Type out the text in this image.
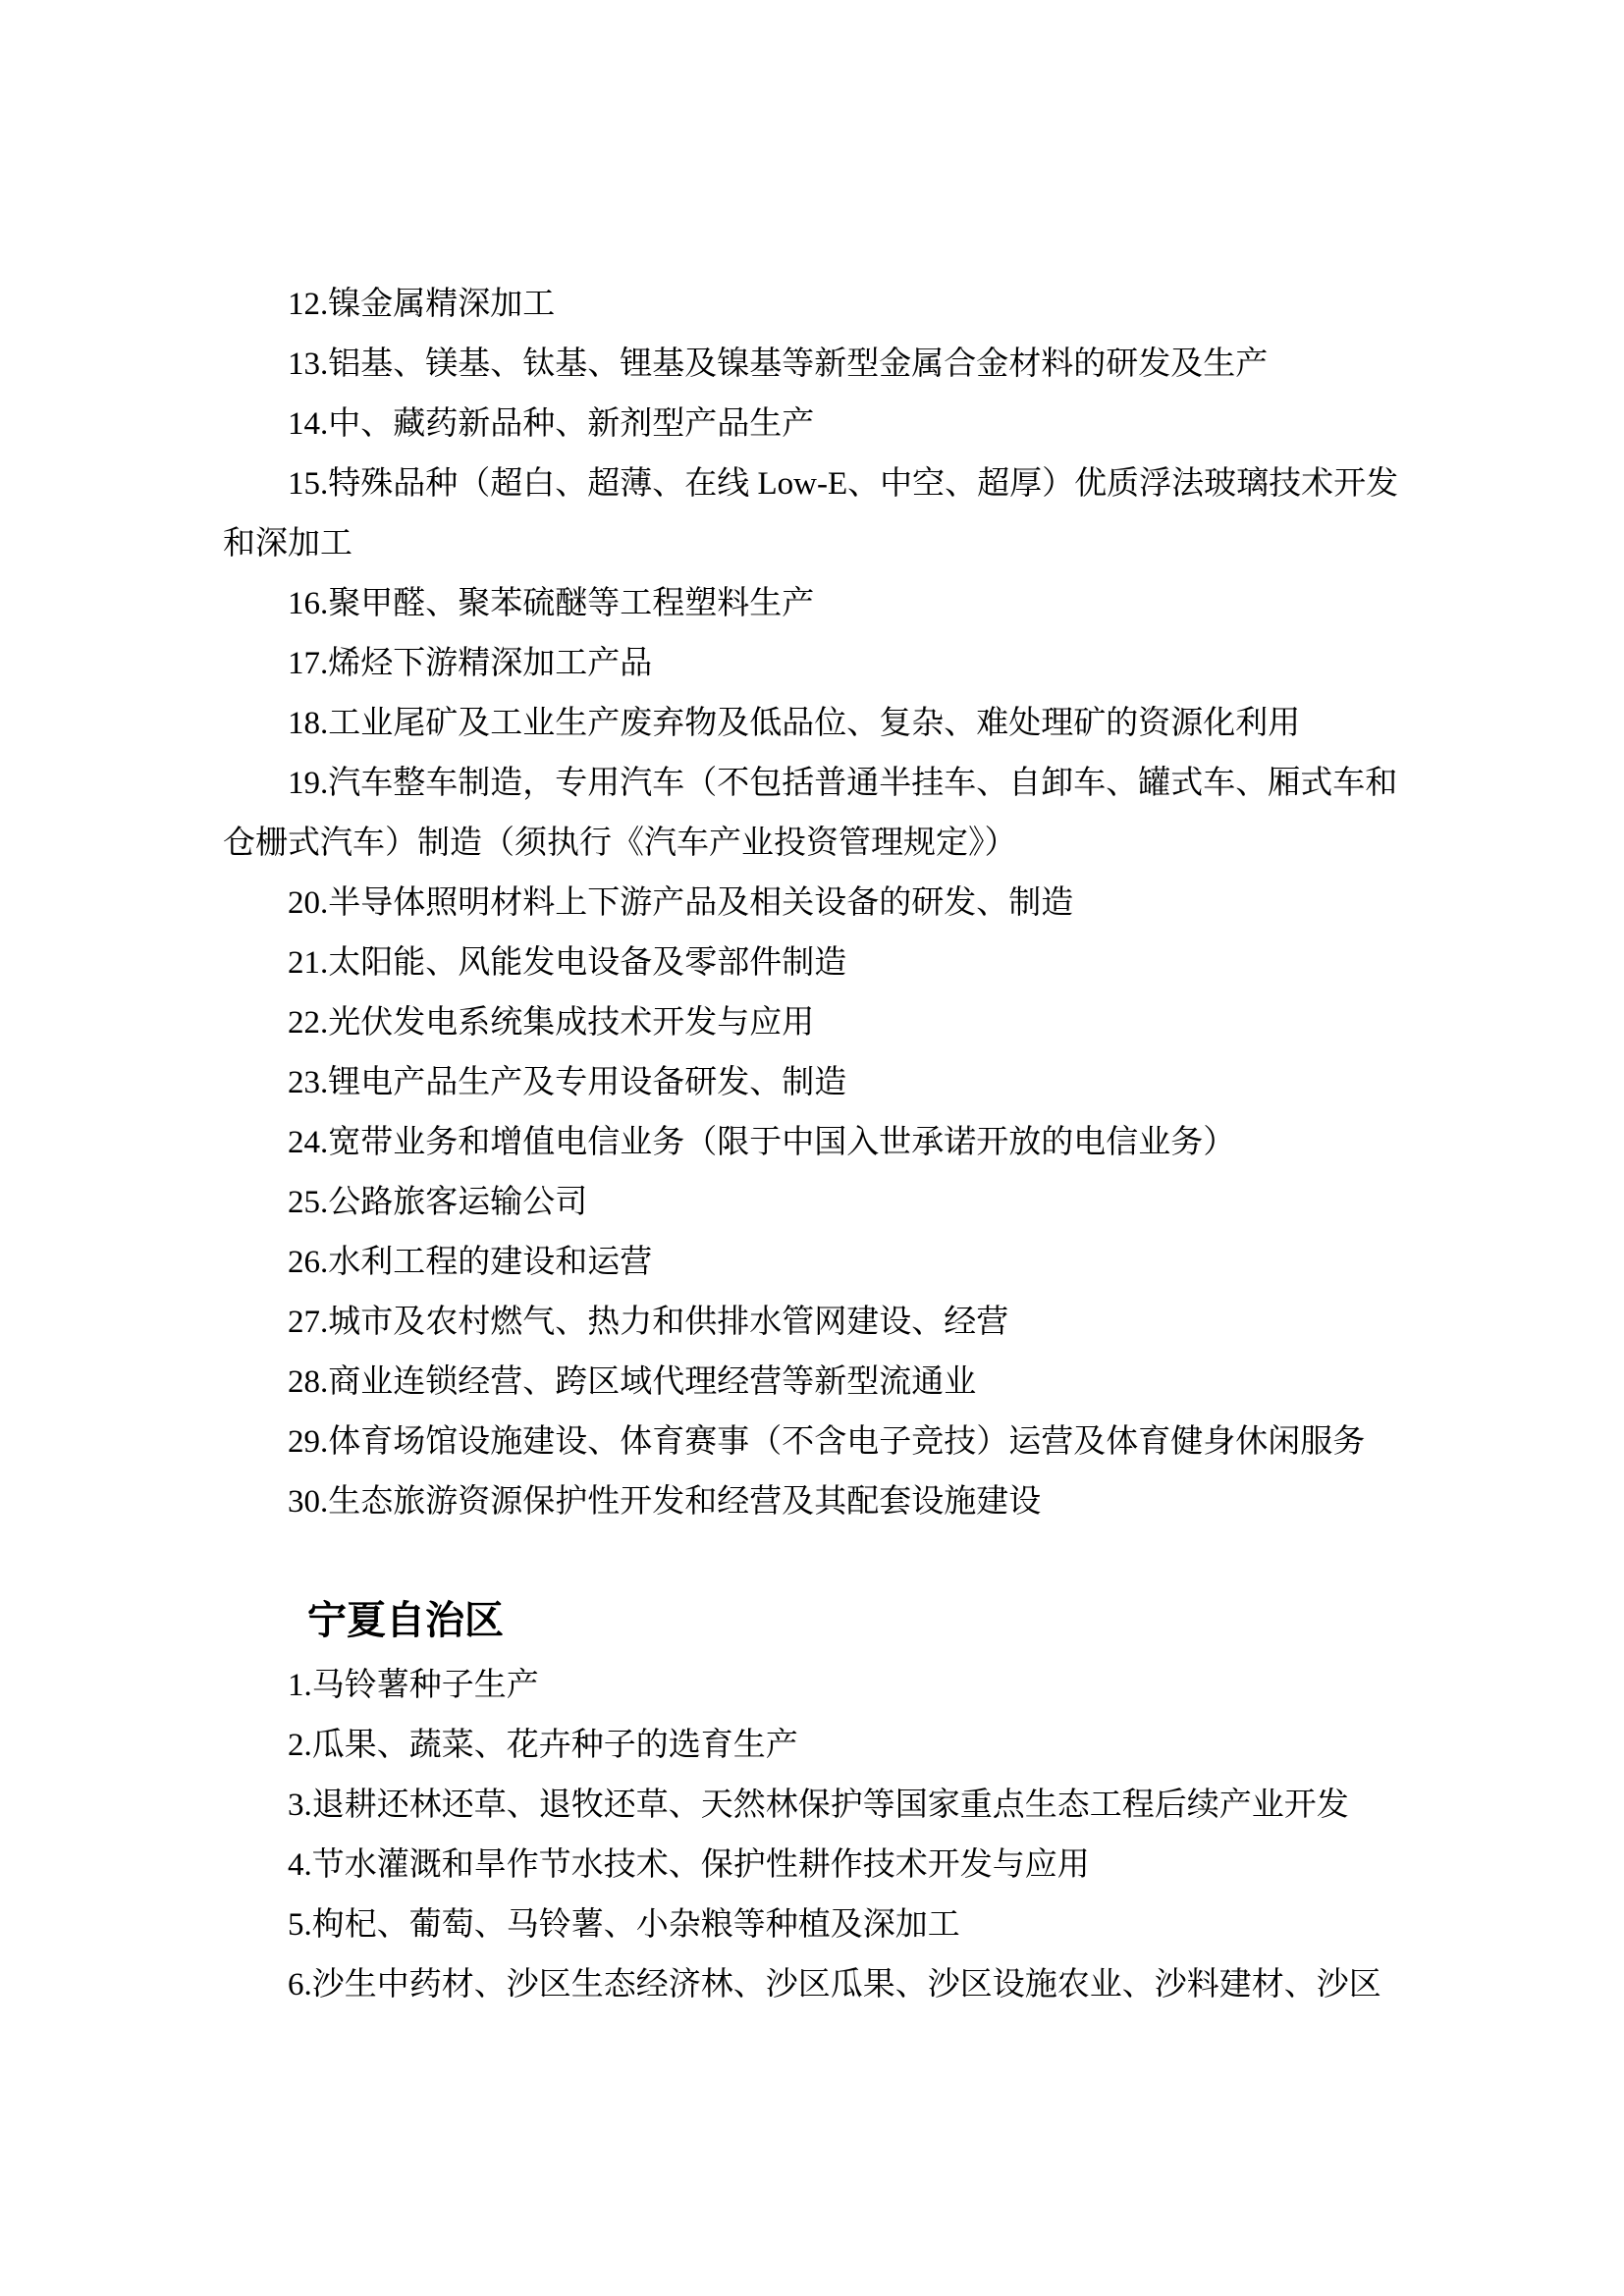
12.镍金属精深加工
13.铝基、镁基、钛基、锂基及镍基等新型金属合金材料的研发及生产
14.中、藏药新品种、新剂型产品生产
15.特殊品种（超白、超薄、在线 Low-E、中空、超厚）优质浮法玻璃技术开发
和深加工
16.聚甲醛、聚苯硫醚等工程塑料生产
17.烯烃下游精深加工产品
18.工业尾矿及工业生产废弃物及低品位、复杂、难处理矿的资源化利用
19.汽车整车制造，专用汽车（不包括普通半挂车、自卸车、罐式车、厢式车和
仓栅式汽车）制造（须执行《汽车产业投资管理规定》）
20.半导体照明材料上下游产品及相关设备的研发、制造
21.太阳能、风能发电设备及零部件制造
22.光伏发电系统集成技术开发与应用
23.锂电产品生产及专用设备研发、制造
24.宽带业务和增值电信业务（限于中国入世承诺开放的电信业务）
25.公路旅客运输公司
26.水利工程的建设和运营
27.城市及农村燃气、热力和供排水管网建设、经营
28.商业连锁经营、跨区域代理经营等新型流通业
29.体育场馆设施建设、体育赛事（不含电子竞技）运营及体育健身休闲服务
30.生态旅游资源保护性开发和经营及其配套设施建设
宁夏自治区
1.马铃薯种子生产
2.瓜果、蔬菜、花卉种子的选育生产
3.退耕还林还草、退牧还草、天然林保护等国家重点生态工程后续产业开发
4.节水灌溉和旱作节水技术、保护性耕作技术开发与应用
5.枸杞、葡萄、马铃薯、小杂粮等种植及深加工
6.沙生中药材、沙区生态经济林、沙区瓜果、沙区设施农业、沙料建材、沙区
